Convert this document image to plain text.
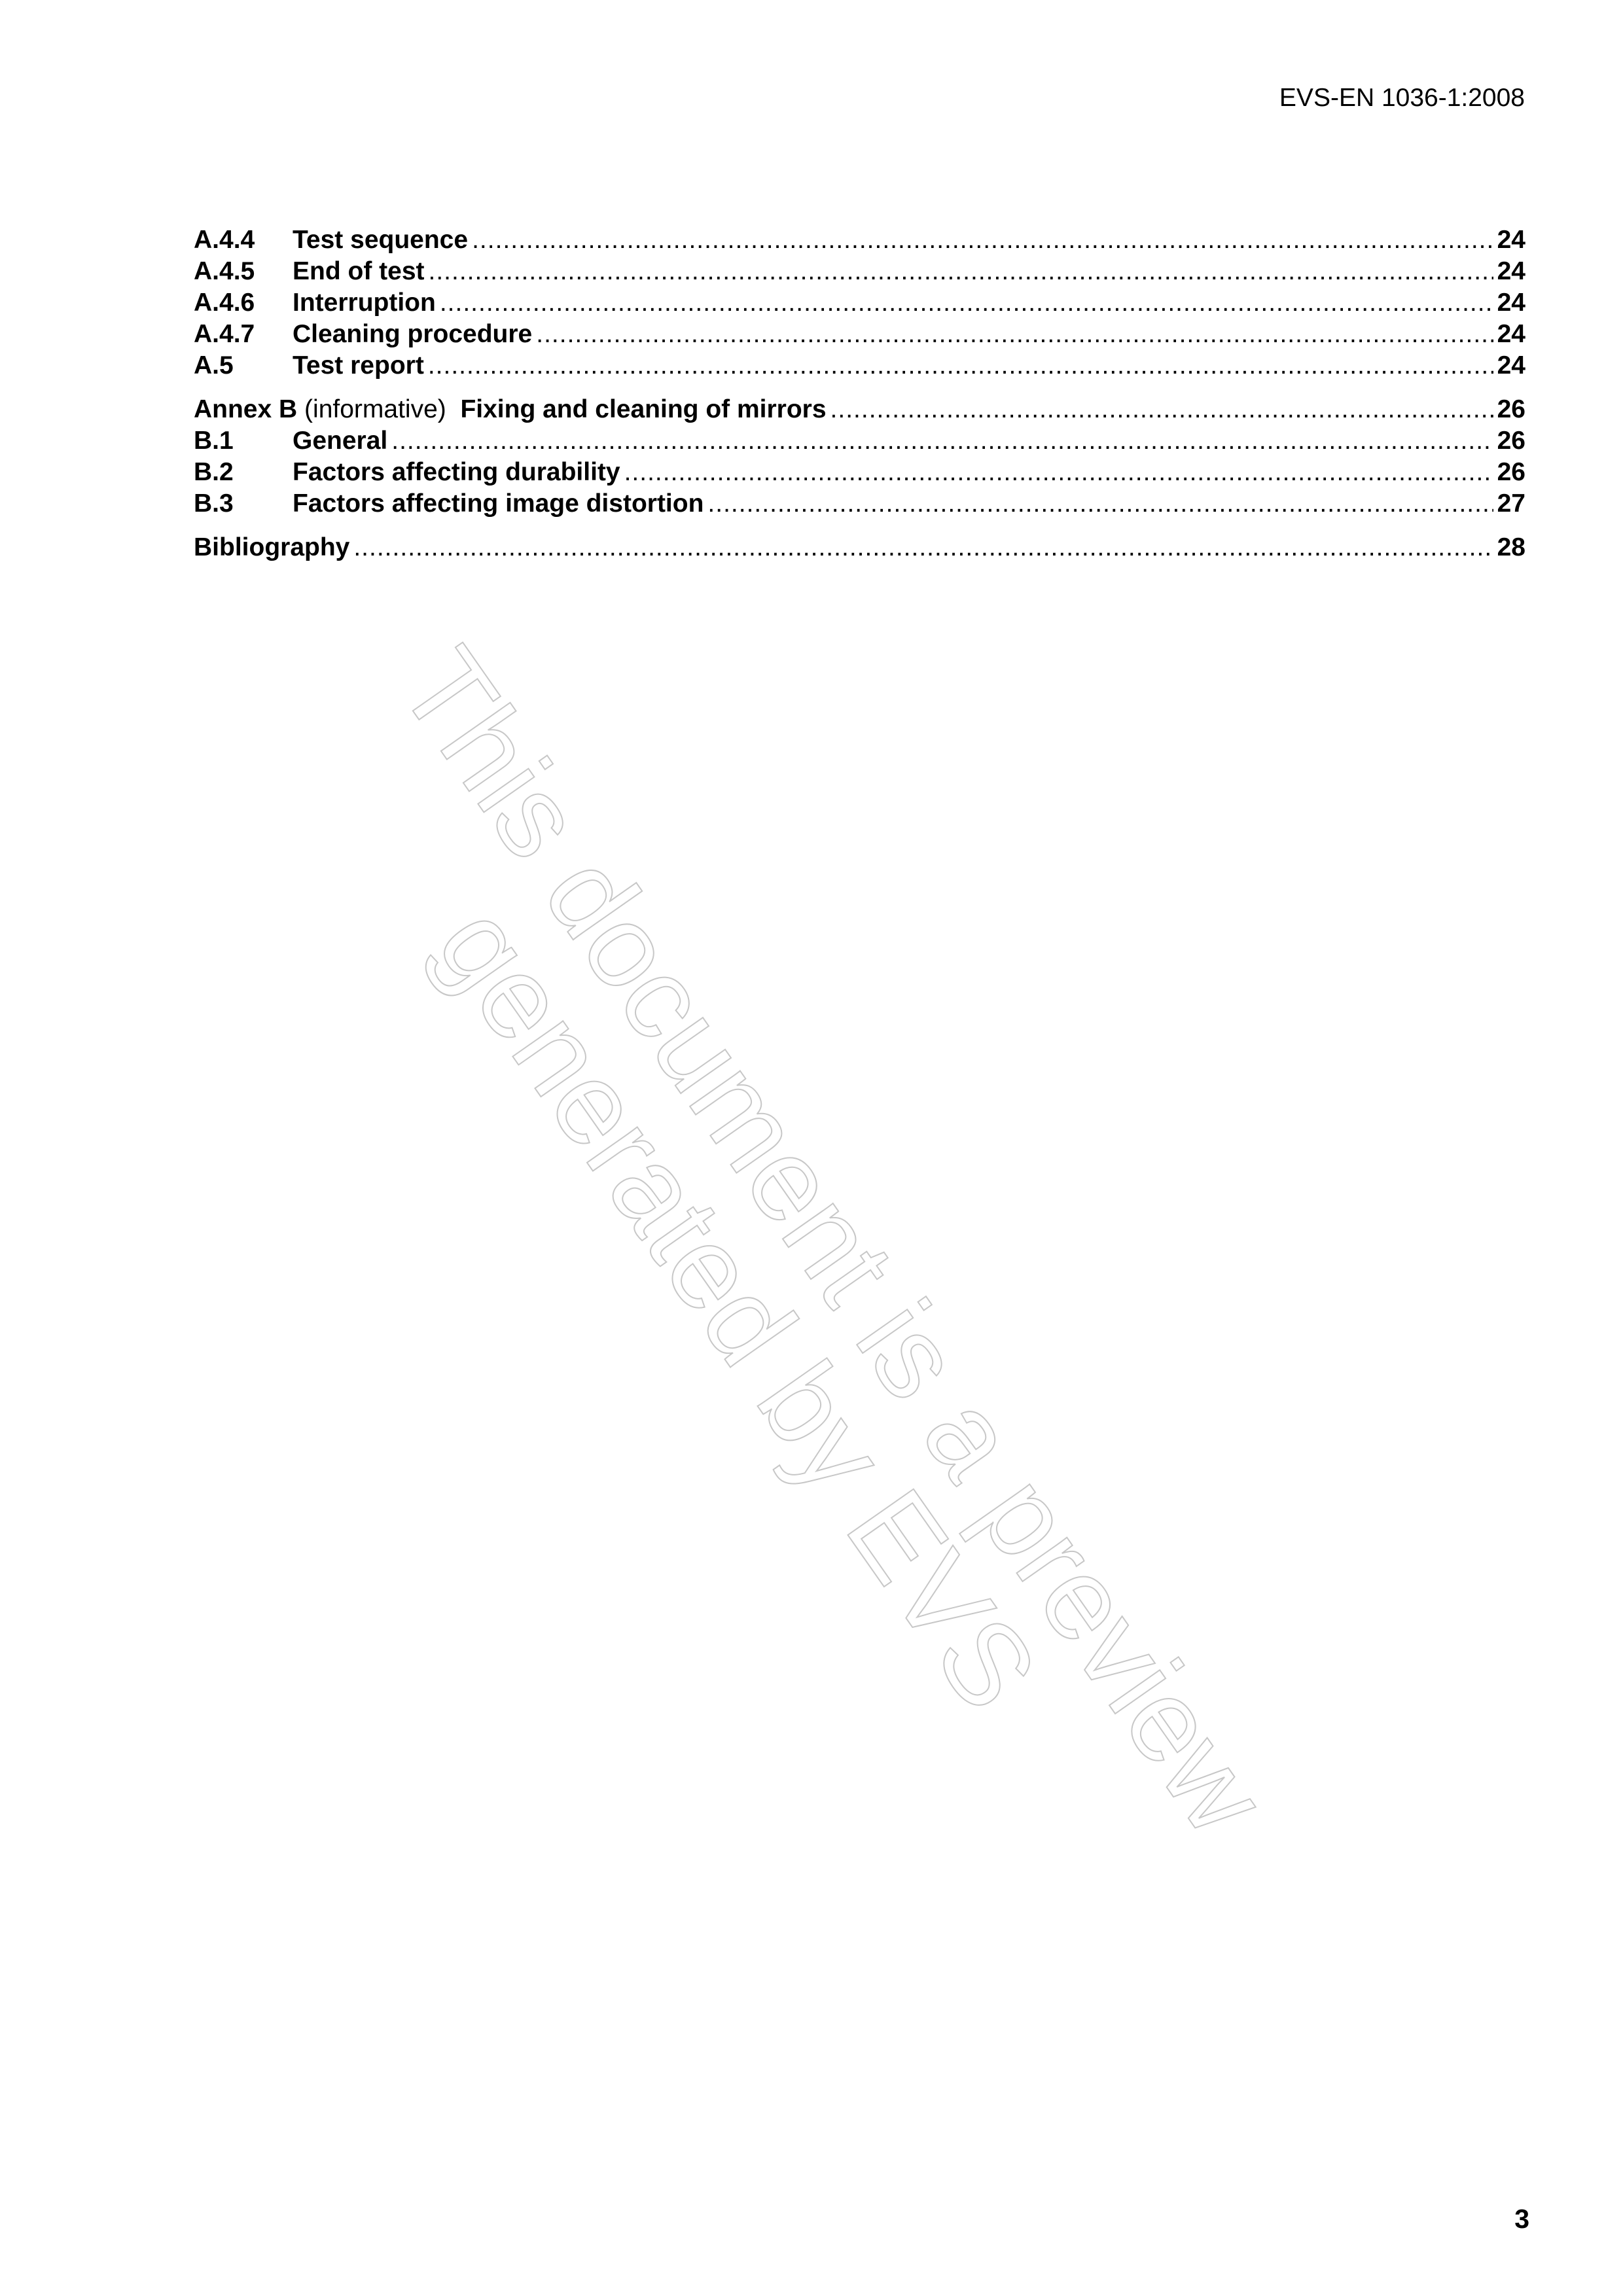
EVS-EN 1036-1:2008
A.4.4	Test sequence .....	24
A.4.5	End of test .....	24
A.4.6	Interruption .....	24
A.4.7	Cleaning procedure .....	24
A.5	Test report .....	24
Annex B (informative) Fixing and cleaning of mirrors .....	26
B.1	General .....	26
B.2	Factors affecting durability .....	26
B.3	Factors affecting image distortion .....	27
Bibliography .....	28
This document is a preview generated by EVS
3
